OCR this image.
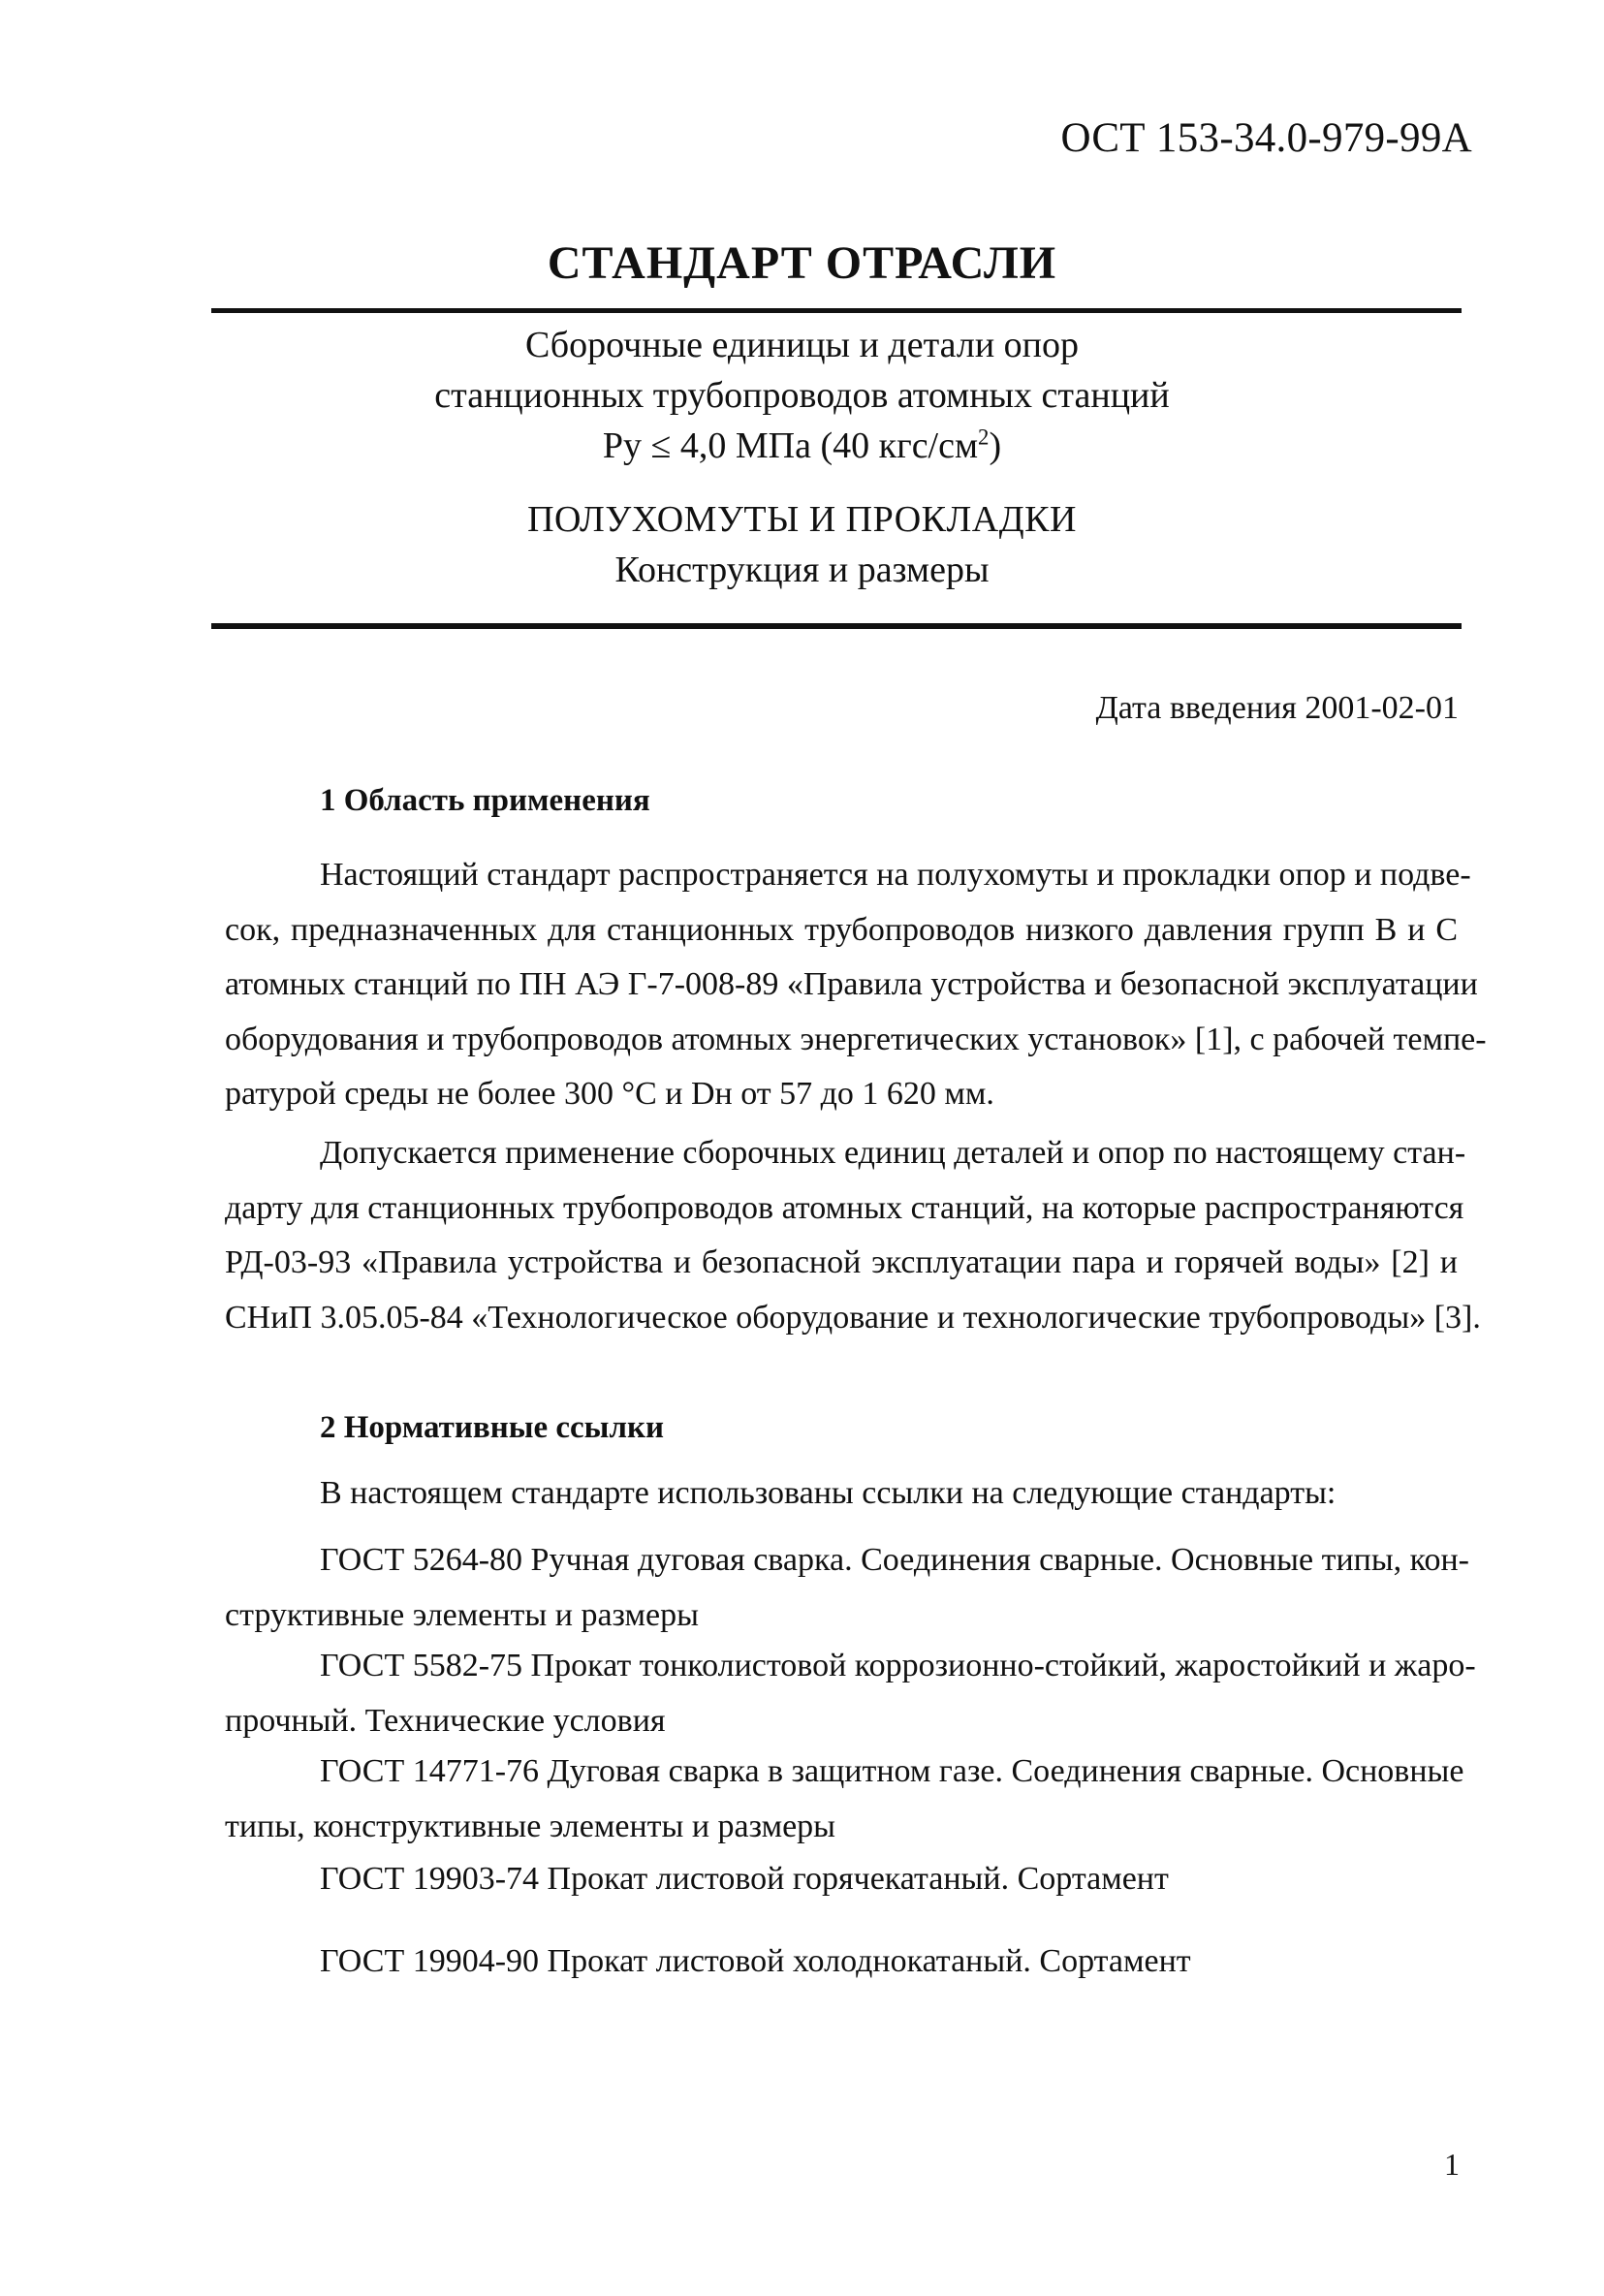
ОСТ 153-34.0-979-99А
СТАНДАРТ ОТРАСЛИ
Сборочные единицы и детали опор
станционных трубопроводов атомных станций
Ру ≤ 4,0 МПа (40 кгс/$см^2$)
ПОЛУХОМУТЫ И ПРОКЛАДКИ
Конструкция и размеры
Дата введения 2001-02-01
1 Область применения
Настоящий стандарт распространяется на полухомуты и прокладки опор и подве-
сок, предназначенных для станционных трубопроводов низкого давления групп В и С
атомных станций по ПН АЭ Г-7-008-89 «Правила устройства и безопасной эксплуатации
оборудования и трубопроводов атомных энергетических установок» [1], с рабочей темпе-
ратурой среды не более 300 °С и Dн от 57 до 1 620 мм.
Допускается применение сборочных единиц деталей и опор по настоящему стан-
дарту для станционных трубопроводов атомных станций, на которые распространяются
РД-03-93 «Правила устройства и безопасной эксплуатации пара и горячей воды» [2] и
СНиП 3.05.05-84 «Технологическое оборудование и технологические трубопроводы» [3].
2 Нормативные ссылки
В настоящем стандарте использованы ссылки на следующие стандарты:
ГОСТ 5264-80 Ручная дуговая сварка. Соединения сварные. Основные типы, кон-
структивные элементы и размеры
ГОСТ 5582-75 Прокат тонколистовой коррозионно-стойкий, жаростойкий и жаро-
прочный. Технические условия
ГОСТ 14771-76 Дуговая сварка в защитном газе. Соединения сварные. Основные
типы, конструктивные элементы и размеры
ГОСТ 19903-74 Прокат листовой горячекатаный. Сортамент
ГОСТ 19904-90 Прокат листовой холоднокатаный. Сортамент
1
